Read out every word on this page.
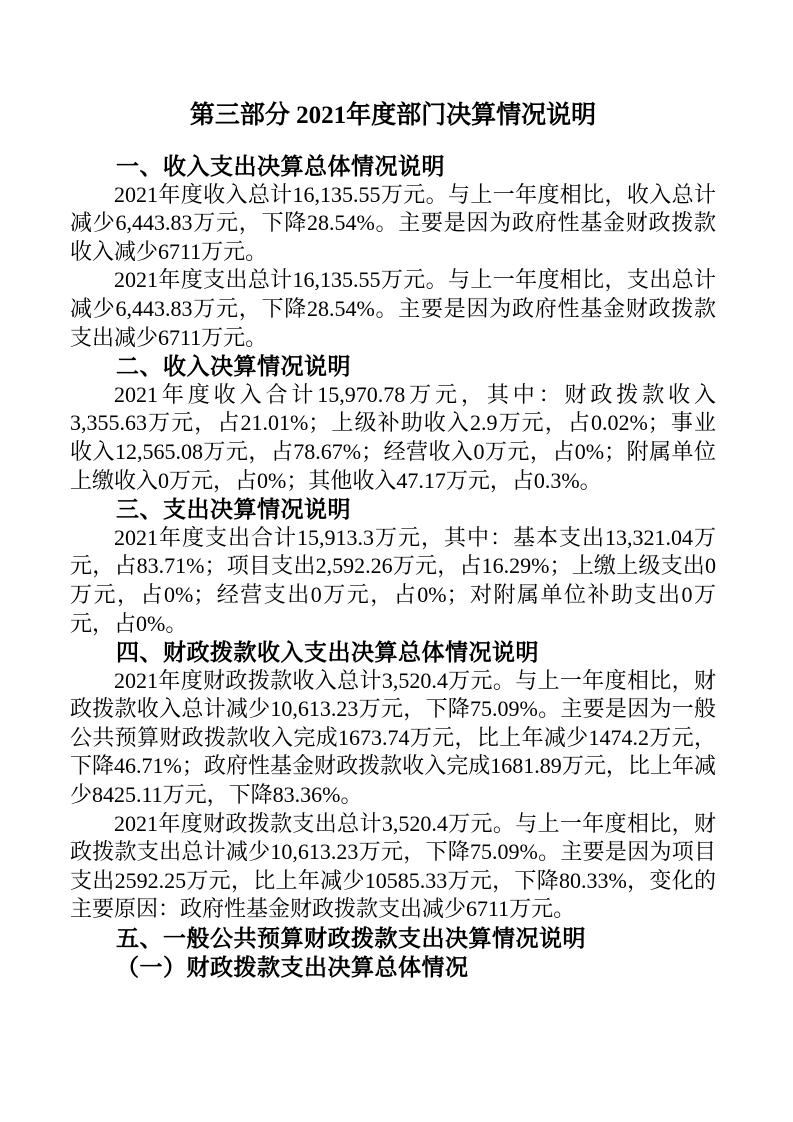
第三部分 2021年度部门决算情况说明
一、收入支出决算总体情况说明

2021年度收入总计16,135.55万元。与上一年度相比，收入总计减少6,443.83万元，下降28.54%。主要是因为政府性基金财政拨款收入减少6711万元。

2021年度支出总计16,135.55万元。与上一年度相比，支出总计减少6,443.83万元，下降28.54%。主要是因为政府性基金财政拨款支出减少6711万元。

二、收入决算情况说明

2021年度收入合计15,970.78万元，其中：财政拨款收入3,355.63万元，占21.01%；上级补助收入2.9万元，占0.02%；事业收入12,565.08万元，占78.67%；经营收入0万元，占0%；附属单位上缴收入0万元，占0%；其他收入47.17万元，占0.3%。

三、支出决算情况说明

2021年度支出合计15,913.3万元，其中：基本支出13,321.04万元，占83.71%；项目支出2,592.26万元，占16.29%；上缴上级支出0万元，占0%；经营支出0万元，占0%；对附属单位补助支出0万元，占0%。

四、财政拨款收入支出决算总体情况说明

2021年度财政拨款收入总计3,520.4万元。与上一年度相比，财政拨款收入总计减少10,613.23万元，下降75.09%。主要是因为一般公共预算财政拨款收入完成1673.74万元，比上年减少1474.2万元，下降46.71%；政府性基金财政拨款收入完成1681.89万元，比上年减少8425.11万元，下降83.36%。

2021年度财政拨款支出总计3,520.4万元。与上一年度相比，财政拨款支出总计减少10,613.23万元，下降75.09%。主要是因为项目支出2592.25万元，比上年减少10585.33万元，下降80.33%，变化的主要原因：政府性基金财政拨款支出减少6711万元。

五、一般公共预算财政拨款支出决算情况说明
（一）财政拨款支出决算总体情况
